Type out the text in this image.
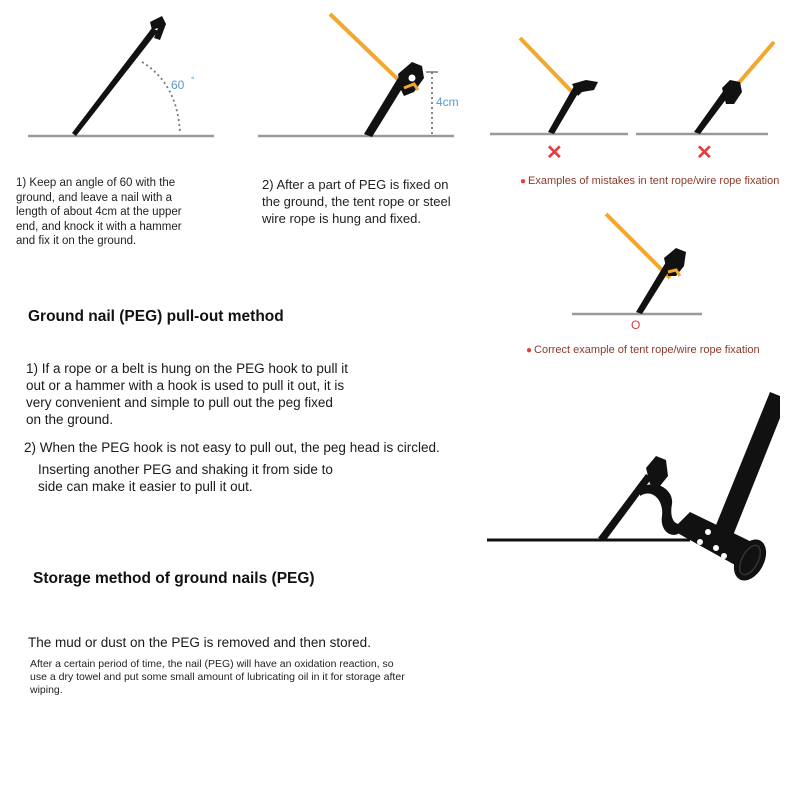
60 °
1) Keep an angle of 60 with the ground, and leave a nail with a length of about 4cm at the upper end, and knock it with a hammer and fix it on the ground.
4cm
2) After a part of PEG is fixed on the ground, the tent rope or steel wire rope is hung and fixed.
✕	✕
● Examples of mistakes in tent rope/wire rope fixation
O
● Correct example of tent rope/wire rope fixation
Ground nail (PEG) pull-out method
1) If a rope or a belt is hung on the PEG hook to pull it out or a hammer with a hook is used to pull it out, it is very convenient and simple to pull out the peg fixed on the ground.
2) When the PEG hook is not easy to pull out, the peg head is circled.
Inserting another PEG and shaking it from side to side can make it easier to pull it out.
Storage method of ground nails (PEG)
The mud or dust on the PEG is removed and then stored.
After a certain period of time, the nail (PEG) will have an oxidation reaction, so use a dry towel and put some small amount of lubricating oil in it for storage after wiping.
